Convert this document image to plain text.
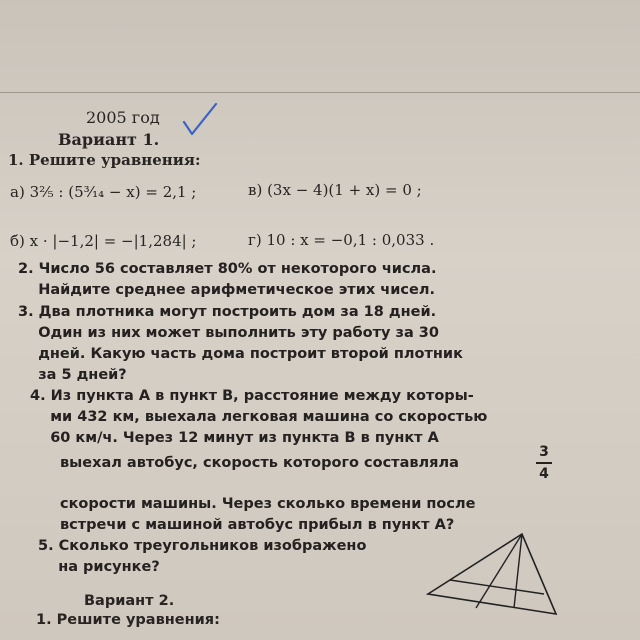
2005 год
Вариант 1.
1. Решите уравнения:
а) 3²⁄₅ : (5³⁄₁₄ − x) = 2,1 ;	в) (3x − 4)(1 + x) = 0 ;
б) x · |−1,2| = −|1,284| ;	г) 10 : x = −0,1 : 0,033 .
2. Число 56 составляет 80% от некоторого числа.
Найдите среднее арифметическое этих чисел.
3. Два плотника могут построить дом за 18 дней.
Один из них может выполнить эту работу за 30
дней. Какую часть дома построит второй плотник
за 5 дней?
4. Из пункта А в пункт В, расстояние между которы-
ми 432 км, выехала легковая машина со скоростью
60 км/ч. Через 12 минут из пункта В в пункт А
выехал автобус, скорость которого составляла
3
4
скорости машины. Через сколько времени после
встречи с машиной автобус прибыл в пункт А?
5. Сколько треугольников изображено
на рисунке?
Вариант 2.
1. Решите уравнения:
